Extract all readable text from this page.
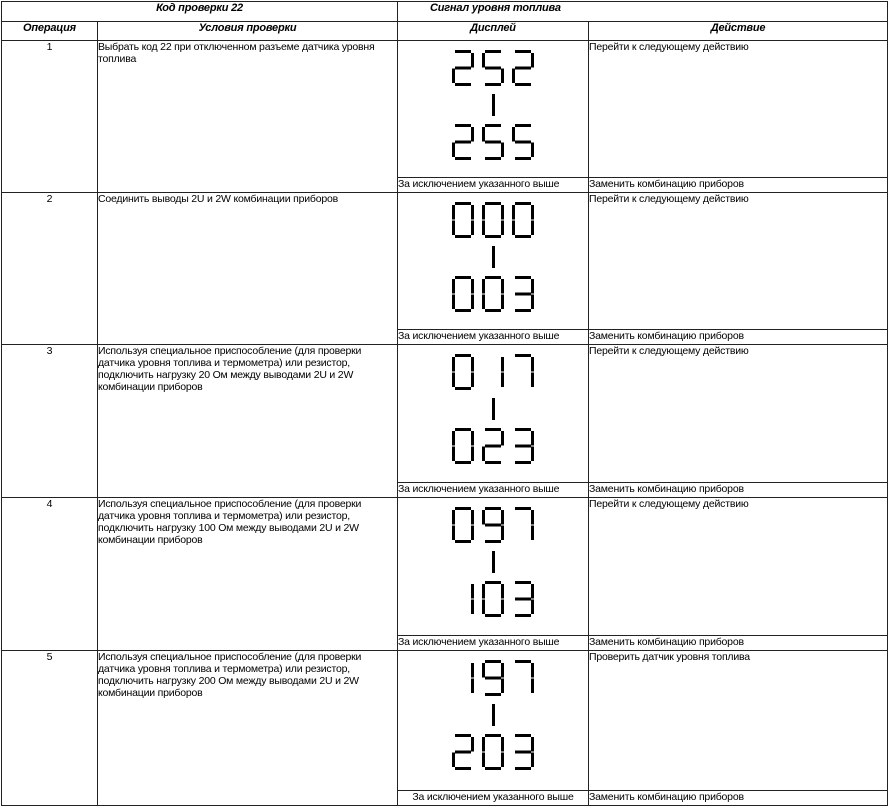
Код проверки 22		Сигнал уровня топлива	
Операция	Условия проверки	Дисплей	Действие
1	Выбрать код 22 при отключенном разъеме датчика уровня топлива		Перейти к следующему действию
		За исключением указанного выше	Заменить комбинацию приборов
2	Соединить выводы 2U и 2W комбинации приборов		Перейти к следующему действию
		За исключением указанного выше	Заменить комбинацию приборов
3	Используя специальное приспособление (для проверки датчика уровня топлива и термометра) или резистор, подключить нагрузку 20 Ом между выводами 2U и 2W комбинации приборов		Перейти к следующему действию
		За исключением указанного выше	Заменить комбинацию приборов
4	Используя специальное приспособление (для проверки датчика уровня топлива и термометра) или резистор, подключить нагрузку 100 Ом между выводами 2U и 2W комбинации приборов		Перейти к следующему действию
		За исключением указанного выше	Заменить комбинацию приборов
5	Используя специальное приспособление (для проверки датчика уровня топлива и термометра) или резистор, подключить нагрузку 200 Ом между выводами 2U и 2W комбинации приборов		Проверить датчик уровня топлива
		За исключением указанного выше	Заменить комбинацию приборов
